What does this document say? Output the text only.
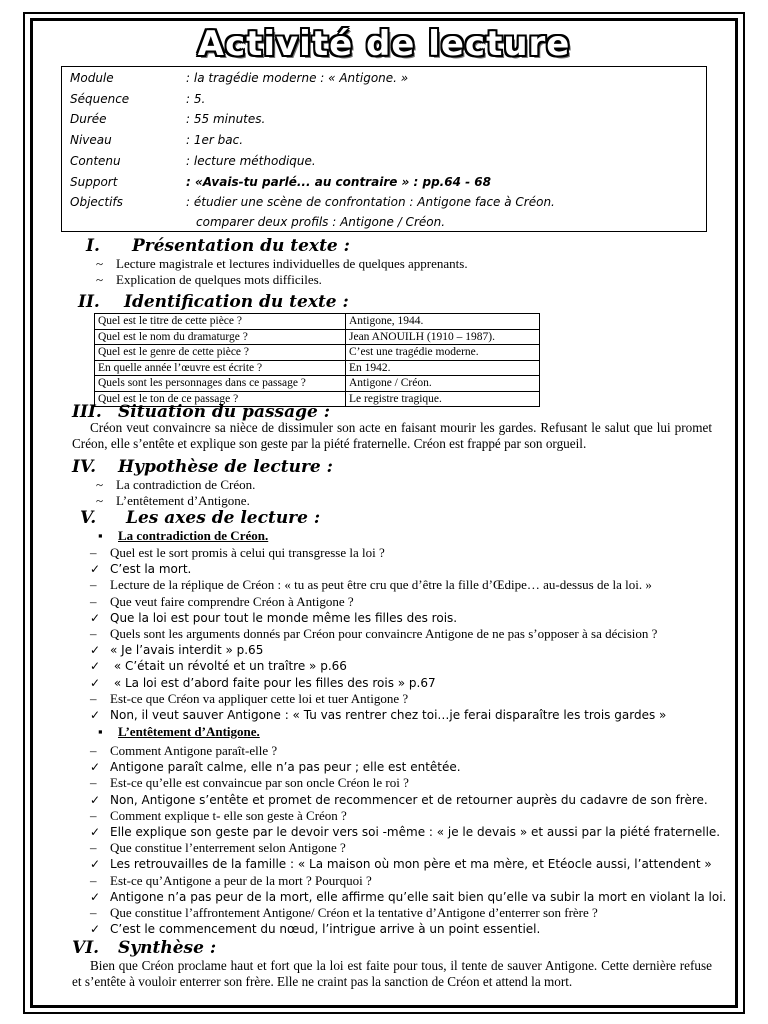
Activité de lecture
Module	: la tragédie moderne : « Antigone. »
Séquence	: 5.
Durée	: 55 minutes.
Niveau	: 1er bac.
Contenu	: lecture méthodique.
Support	: «Avais-tu parlé... au contraire » : pp.64 - 68
Objectifs	: étudier une scène de confrontation : Antigone face à Créon.
comparer deux profils : Antigone / Créon.
I. Présentation du texte :
~ Lecture magistrale et lectures individuelles de quelques apprenants.
~ Explication de quelques mots difficiles.
II. Identification du texte :
Quel est le titre de cette pièce ?	Antigone, 1944.
Quel est le nom du dramaturge ?	Jean ANOUILH (1910 – 1987).
Quel est le genre de cette pièce ?	C’est une tragédie moderne.
En quelle année l’œuvre est écrite ?	En 1942.
Quels sont les personnages dans ce passage ?	Antigone / Créon.
Quel est le ton de ce passage ?	Le registre tragique.
III. Situation du passage :
Créon veut convaincre sa nièce de dissimuler son acte en faisant mourir les gardes. Refusant le salut que lui promet Créon, elle s’entête et explique son geste par la piété fraternelle. Créon est frappé par son orgueil.
IV. Hypothèse de lecture :
~ La contradiction de Créon.
~ L’entêtement d’Antigone.
V. Les axes de lecture :
▪ La contradiction de Créon.
– Quel est le sort promis à celui qui transgresse la loi ?
✓ C’est la mort.
– Lecture de la réplique de Créon : « tu as peut être cru que d’être la fille d’Œdipe… au-dessus de la loi. »
– Que veut faire comprendre Créon à Antigone ?
✓ Que la loi est pour tout le monde même les filles des rois.
– Quels sont les arguments donnés par Créon pour convaincre Antigone de ne pas s’opposer à sa décision ?
✓ « Je l’avais interdit » p.65
✓ « C’était un révolté et un traître » p.66
✓ « La loi est d’abord faite pour les filles des rois » p.67
– Est-ce que Créon va appliquer cette loi et tuer Antigone ?
✓ Non, il veut sauver Antigone : « Tu vas rentrer chez toi…je ferai disparaître les trois gardes »
▪ L’entêtement d’Antigone.
– Comment Antigone paraît-elle ?
✓ Antigone paraît calme, elle n’a pas peur ; elle est entêtée.
– Est-ce qu’elle est convaincue par son oncle Créon le roi ?
✓ Non, Antigone s’entête et promet de recommencer et de retourner auprès du cadavre de son frère.
– Comment explique t- elle son geste à Créon ?
✓ Elle explique son geste par le devoir vers soi -même : « je le devais » et aussi par la piété fraternelle.
– Que constitue l’enterrement selon Antigone ?
✓ Les retrouvailles de la famille : « La maison où mon père et ma mère, et Etéocle aussi, l’attendent »
– Est-ce qu’Antigone a peur de la mort ? Pourquoi ?
✓ Antigone n’a pas peur de la mort, elle affirme qu’elle sait bien qu’elle va subir la mort en violant la loi.
– Que constitue l’affrontement Antigone/ Créon et la tentative d’Antigone d’enterrer son frère ?
✓ C’est le commencement du nœud, l’intrigue arrive à un point essentiel.
VI. Synthèse :
Bien que Créon proclame haut et fort que la loi est faite pour tous, il tente de sauver Antigone. Cette dernière refuse et s’entête à vouloir enterrer son frère. Elle ne craint pas la sanction de Créon et attend la mort.
